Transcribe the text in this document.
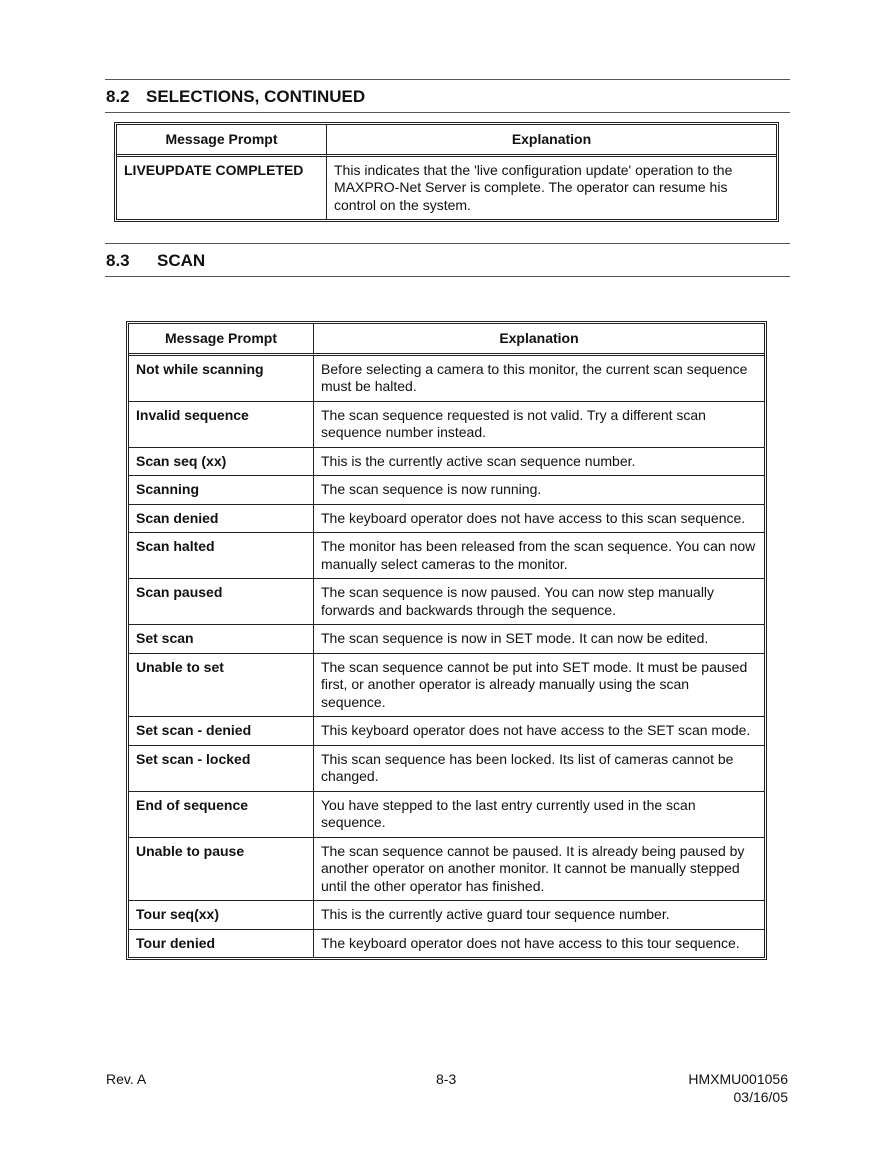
8.2 SELECTIONS, CONTINUED
Message Prompt	Explanation
LIVEUPDATE COMPLETED	This indicates that the 'live configuration update' operation to the MAXPRO-Net Server is complete. The operator can resume his control on the system.
8.3 SCAN
Message Prompt	Explanation
Not while scanning	Before selecting a camera to this monitor, the current scan sequence must be halted.
Invalid sequence	The scan sequence requested is not valid. Try a different scan sequence number instead.
Scan seq (xx)	This is the currently active scan sequence number.
Scanning	The scan sequence is now running.
Scan denied	The keyboard operator does not have access to this scan sequence.
Scan halted	The monitor has been released from the scan sequence. You can now manually select cameras to the monitor.
Scan paused	The scan sequence is now paused. You can now step manually forwards and backwards through the sequence.
Set scan	The scan sequence is now in SET mode. It can now be edited.
Unable to set	The scan sequence cannot be put into SET mode. It must be paused first, or another operator is already manually using the scan sequence.
Set scan - denied	This keyboard operator does not have access to the SET scan mode.
Set scan - locked	This scan sequence has been locked. Its list of cameras cannot be changed.
End of sequence	You have stepped to the last entry currently used in the scan sequence.
Unable to pause	The scan sequence cannot be paused. It is already being paused by another operator on another monitor. It cannot be manually stepped until the other operator has finished.
Tour seq(xx)	This is the currently active guard tour sequence number.
Tour denied	The keyboard operator does not have access to this tour sequence.
Rev. A	8-3	HMXMU001056
03/16/05
